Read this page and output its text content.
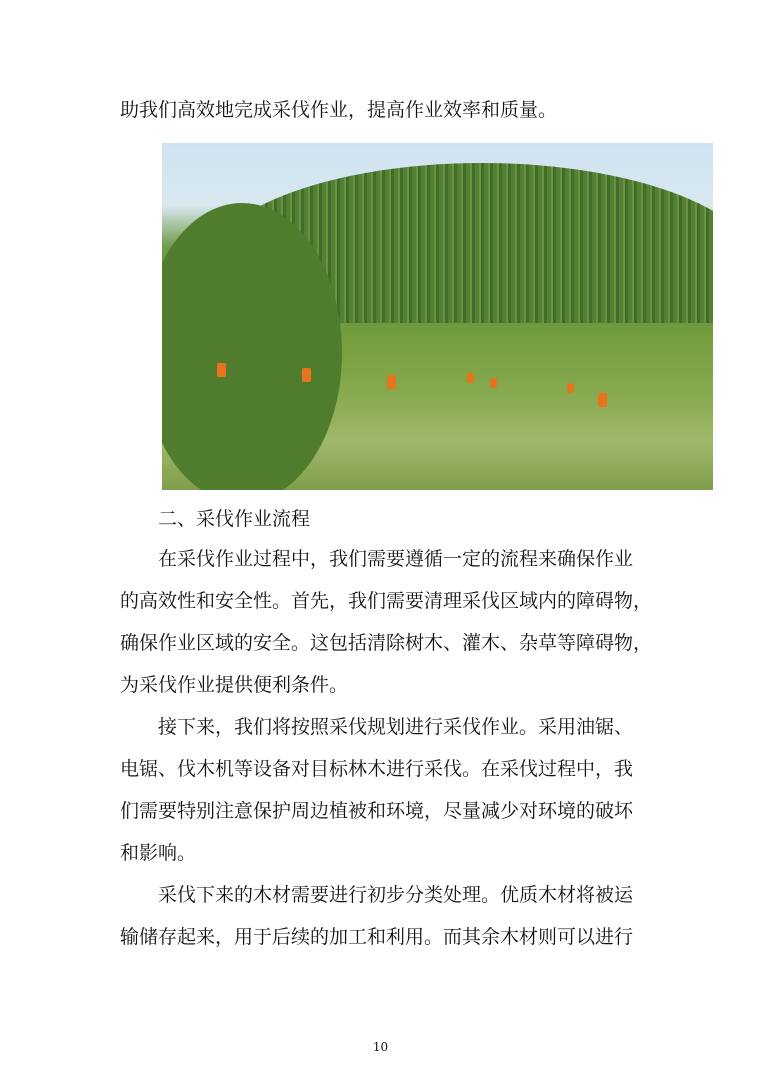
助我们高效地完成采伐作业，提高作业效率和质量。
二、采伐作业流程
在采伐作业过程中，我们需要遵循一定的流程来确保作业
的高效性和安全性。首先，我们需要清理采伐区域内的障碍物，
确保作业区域的安全。这包括清除树木、灌木、杂草等障碍物，
为采伐作业提供便利条件。
接下来，我们将按照采伐规划进行采伐作业。采用油锯、
电锯、伐木机等设备对目标林木进行采伐。在采伐过程中，我
们需要特别注意保护周边植被和环境，尽量减少对环境的破坏
和影响。
采伐下来的木材需要进行初步分类处理。优质木材将被运
输储存起来，用于后续的加工和利用。而其余木材则可以进行
10
